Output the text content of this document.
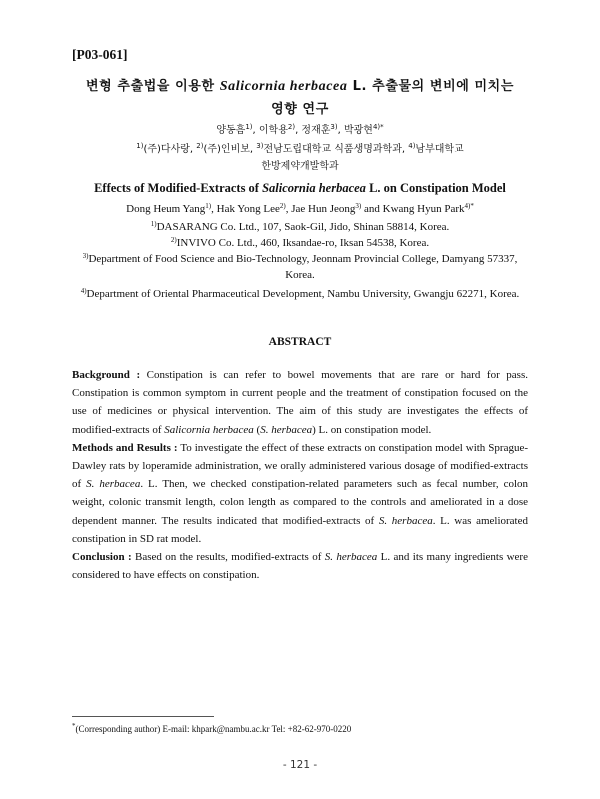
[P03-061]
변형 추출법을 이용한 Salicornia herbacea L. 추출물의 변비에 미치는
영향 연구
양동흠$^{1)}$, 이학용$^{2)}$, 정재훈$^{3)}$, 박광현$^{4)*}$
$^{1)}$(주)다사랑, $^{2)}$(주)인비보, $^{3)}$전남도립대학교 식품생명과학과, $^{4)}$남부대학교
한방제약개발학과
Effects of Modified-Extracts of Salicornia herbacea L. on Constipation Model
Dong Heum Yang$^{1)}$, Hak Yong Lee$^{2)}$, Jae Hun Jeong$^{3)}$ and Kwang Hyun Park$^{4)*}$
$^{1)}$DASARANG Co. Ltd., 107, Saok-Gil, Jido, Shinan 58814, Korea.
$^{2)}$INVIVO Co. Ltd., 460, Iksandae-ro, Iksan 54538, Korea.
$^{3)}$Department of Food Science and Bio-Technology, Jeonnam Provincial College, Damyang 57337, Korea.
$^{4)}$Department of Oriental Pharmaceutical Development, Nambu University, Gwangju 62271, Korea.
ABSTRACT

Background : Constipation is can refer to bowel movements that are rare or hard for pass. Constipation is common symptom in current people and the treatment of constipation focused on the use of medicines or physical intervention. The aim of this study are investigates the effects of modified-extracts of Salicornia herbacea (S. herbacea) L. on constipation model.

Methods and Results : To investigate the effect of these extracts on constipation model with Sprague-Dawley rats by loperamide administration, we orally administered various dosage of modified-extracts of S. herbacea. L. Then, we checked constipation-related parameters such as fecal number, colon weight, colonic transmit length, colon length as compared to the controls and ameliorated in a dose dependent manner. The results indicated that modified-extracts of S. herbacea. L. was ameliorated constipation in SD rat model.

Conclusion : Based on the results, modified-extracts of S. herbacea L. and its many ingredients were considered to have effects on constipation.

*(Corresponding author) E-mail: khpark@nambu.ac.kr Tel: +82-62-970-0220
- 121 -
